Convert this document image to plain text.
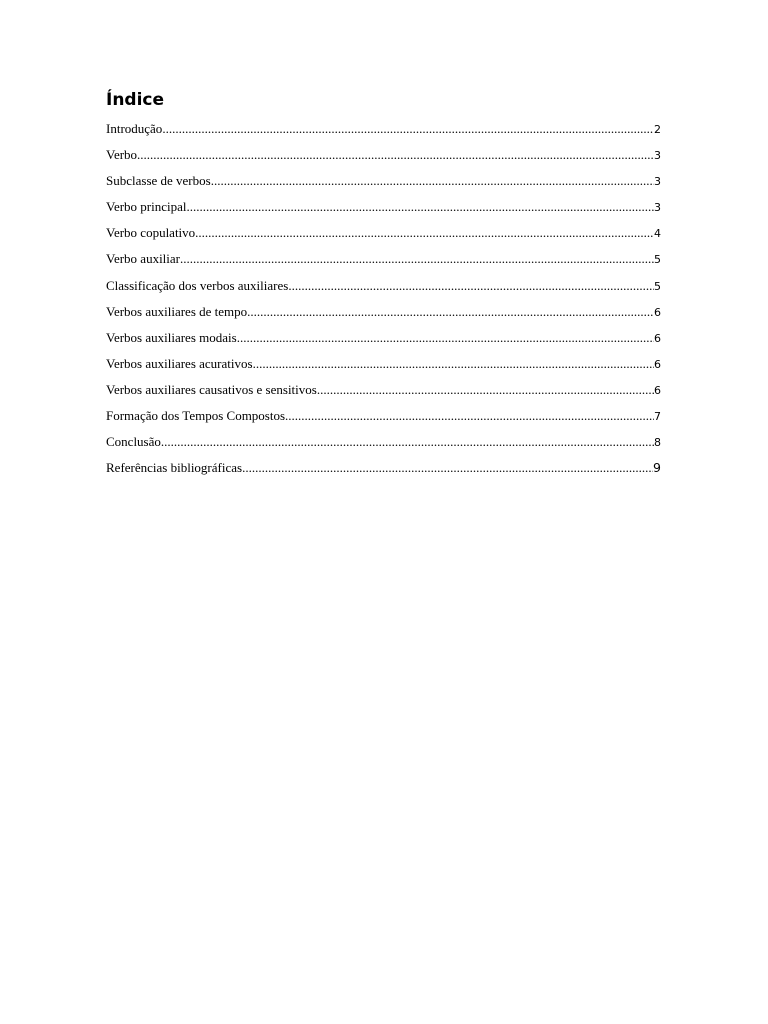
Índice
Introdução .....	2
Verbo .....	3
Subclasse de verbos .....	3
Verbo principal .....	3
Verbo copulativo .....	4
Verbo auxiliar .....	5
Classificação dos verbos auxiliares .....	5
Verbos auxiliares de tempo .....	6
Verbos auxiliares modais .....	6
Verbos auxiliares acurativos .....	6
Verbos auxiliares causativos e sensitivos .....	6
Formação dos Tempos Compostos .....	7
Conclusão .....	8
Referências bibliográficas .....	9
